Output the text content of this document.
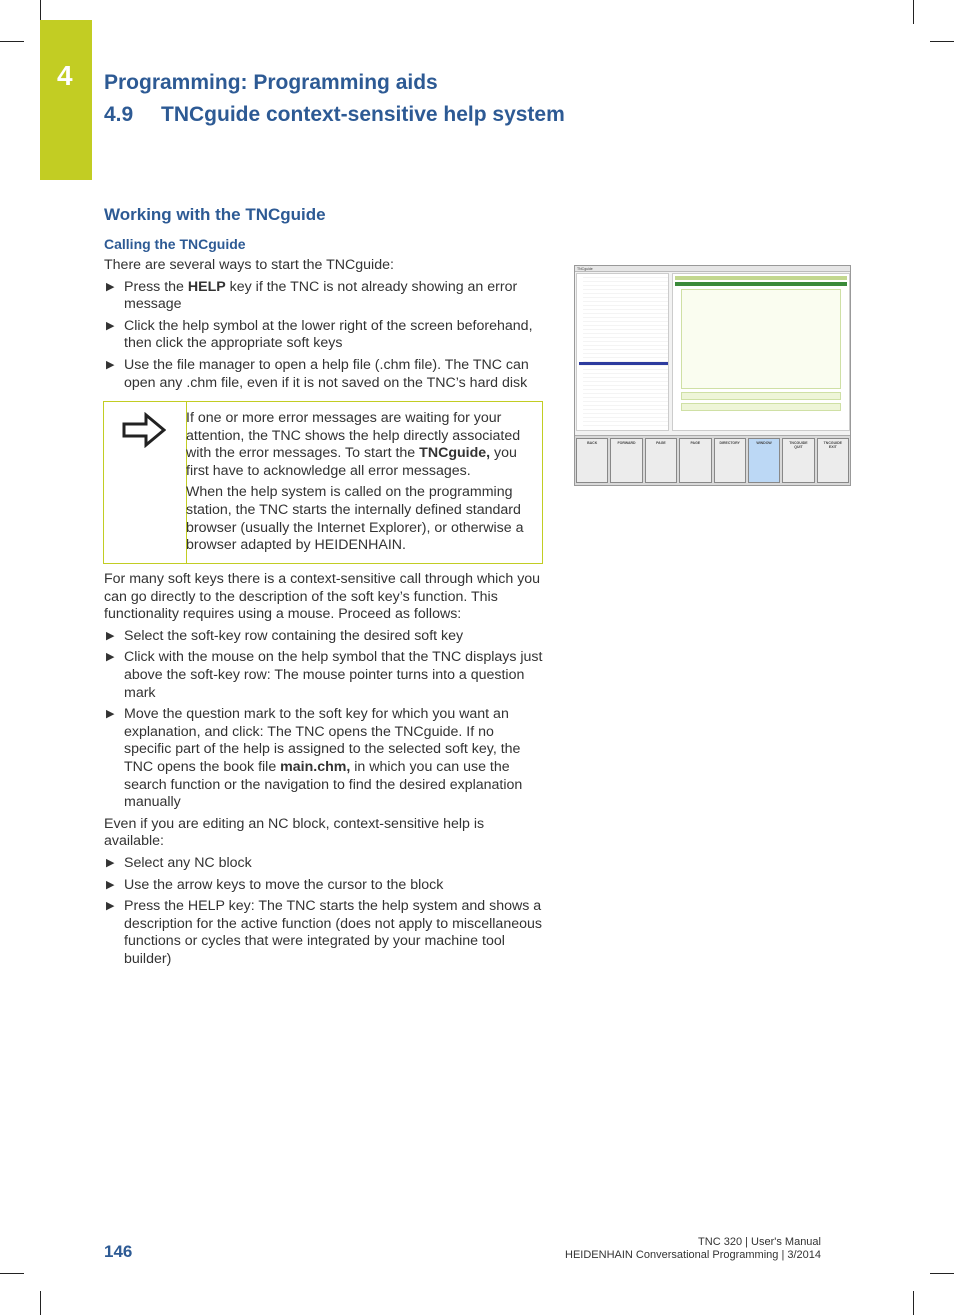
4 Programming: Programming aids
4.9	TNCguide context-sensitive help system
Working with the TNCguide
Calling the TNCguide

There are several ways to start the TNCguide:

▶ Press the HELP key if the TNC is not already showing an error message
▶ Click the help symbol at the lower right of the screen beforehand, then click the appropriate soft keys
▶ Use the file manager to open a help file (.chm file). The TNC can open any .chm file, even if it is not saved on the TNC’s hard disk

If one or more error messages are waiting for your attention, the TNC shows the help directly associated with the error messages. To start the TNCguide, you first have to acknowledge all error messages.

When the help system is called on the programming station, the TNC starts the internally defined standard browser (usually the Internet Explorer), or otherwise a browser adapted by HEIDENHAIN.

For many soft keys there is a context-sensitive call through which you can go directly to the description of the soft key’s function. This functionality requires using a mouse. Proceed as follows:

▶ Select the soft-key row containing the desired soft key
▶ Click with the mouse on the help symbol that the TNC displays just above the soft-key row: The mouse pointer turns into a question mark
▶ Move the question mark to the soft key for which you want an explanation, and click: The TNC opens the TNCguide. If no specific part of the help is assigned to the selected soft key, the TNC opens the book file main.chm, in which you can use the search function or the navigation to find the desired explanation manually

Even if you are editing an NC block, context-sensitive help is available:

▶ Select any NC block
▶ Use the arrow keys to move the cursor to the block
▶ Press the HELP key: The TNC starts the help system and shows a description for the active function (does not apply to miscellaneous functions or cycles that were integrated by your machine tool builder)
TNCguide
BACK	FORWARD	PAGE	PAGE	DIRECTORY	WINDOW	TNCGUIDE
QUIT
TNCGUIDE
EXIT
146	TNC 320 | User's Manual
HEIDENHAIN Conversational Programming | 3/2014
